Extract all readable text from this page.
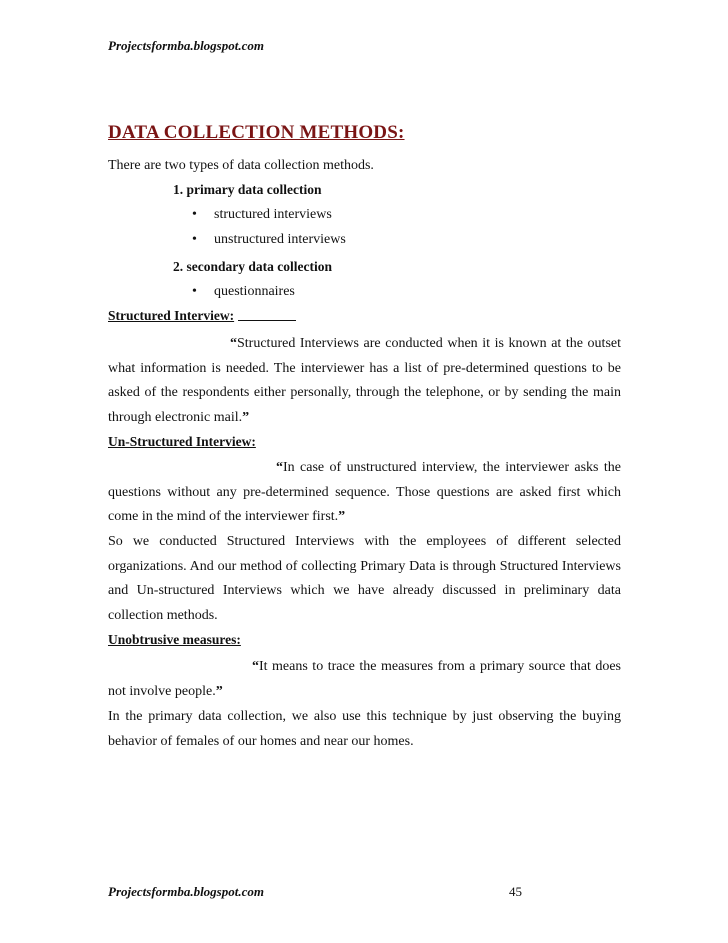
Projectsformba.blogspot.com
DATA COLLECTION METHODS:
There are two types of data collection methods.
1. primary data collection
• structured interviews
• unstructured interviews
2. secondary data collection
• questionnaires
Structured Interview:
“Structured Interviews are conducted when it is known at the outset what information is needed. The interviewer has a list of pre-determined questions to be asked of the respondents either personally, through the telephone, or by sending the main through electronic mail.”
Un-Structured Interview:
“In case of unstructured interview, the interviewer asks the questions without any pre-determined sequence. Those questions are asked first which come in the mind of the interviewer first.”
So we conducted Structured Interviews with the employees of different selected organizations. And our method of collecting Primary Data is through Structured Interviews and Un-structured Interviews which we have already discussed in preliminary data collection methods.
Unobtrusive measures:
“It means to trace the measures from a primary source that does not involve people.”
In the primary data collection, we also use this technique by just observing the buying behavior of females of our homes and near our homes.
Projectsformba.blogspot.com	45
